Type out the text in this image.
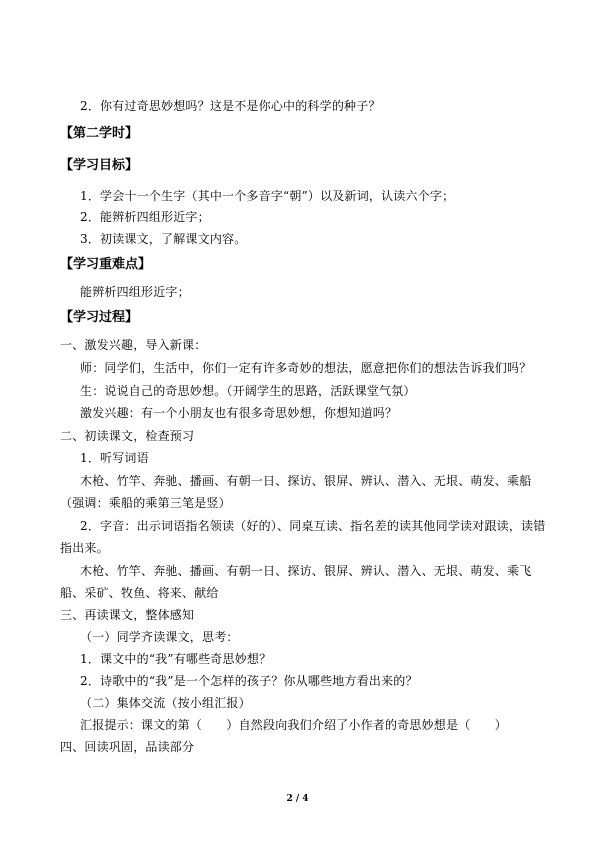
2．你有过奇思妙想吗？这是不是你心中的科学的种子？
【第二学时】
【学习目标】
1．学会十一个生字（其中一个多音字“朝”）以及新词，认读六个字；
2．能辨析四组形近字；
3．初读课文，了解课文内容。
【学习重难点】
能辨析四组形近字；
【学习过程】
一、激发兴趣，导入新课：
师：同学们，生活中，你们一定有许多奇妙的想法，愿意把你们的想法告诉我们吗？
生：说说自己的奇思妙想。（开阔学生的思路，活跃课堂气氛）
激发兴趣：有一个小朋友也有很多奇思妙想，你想知道吗？
二、初读课文，检查预习
1．听写词语
木枪、竹竿、奔驰、播画、有朝一日、探访、银屏、辨认、潜入、无垠、萌发、乘船
（强调：乘船的乘第三笔是竖）
2．字音：出示词语指名领读（好的）、同桌互读、指名差的读其他同学读对跟读，读错
指出来。
木枪、竹竿、奔驰、播画、有朝一日、探访、银屏、辨认、潜入、无垠、萌发、乘飞
船、采矿、牧鱼、将来、献给
三、再读课文，整体感知
（一）同学齐读课文，思考：
1．课文中的“我”有哪些奇思妙想？
2．诗歌中的“我”是一个怎样的孩子？你从哪些地方看出来的？
（二）集体交流（按小组汇报）
汇报提示：课文的第（　　）自然段向我们介绍了小作者的奇思妙想是（　　）
四、回读巩固，品读部分
2 / 4
